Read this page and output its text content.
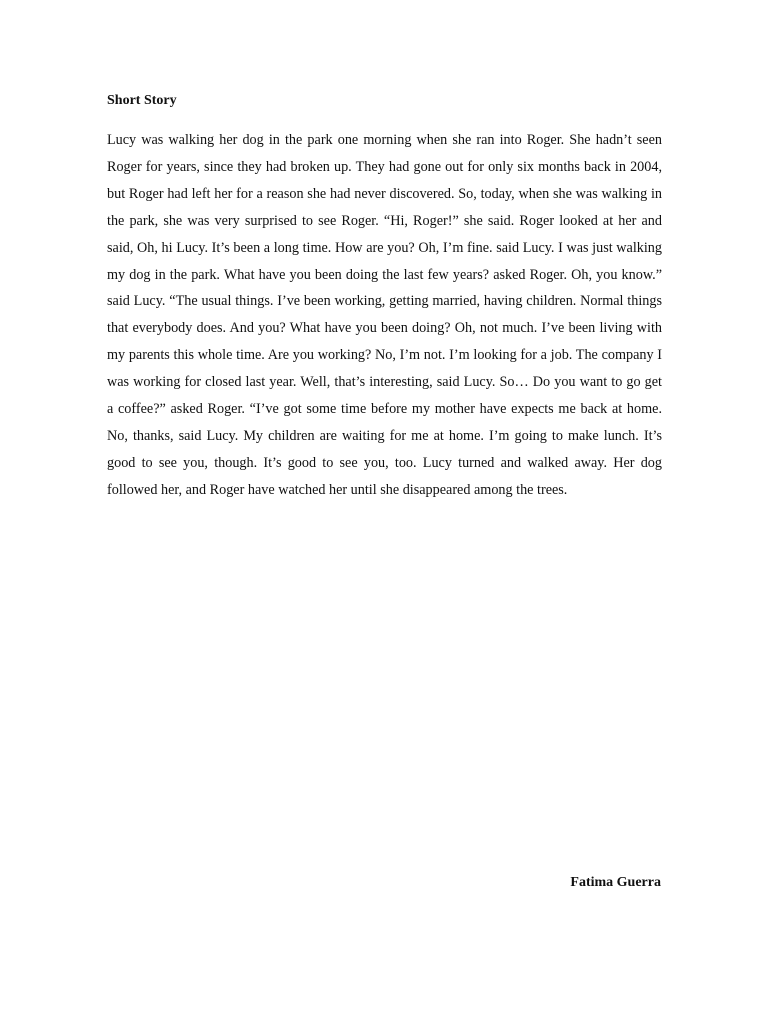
Short Story

Lucy was walking her dog in the park one morning when she ran into Roger. She hadn’t seen Roger for years, since they had broken up. They had gone out for only six months back in 2004, but Roger had left her for a reason she had never discovered. So, today, when she was walking in the park, she was very surprised to see Roger. “Hi, Roger!” she said. Roger looked at her and said, Oh, hi Lucy. It’s been a long time. How are you? Oh, I’m fine. said Lucy. I was just walking my dog in the park. What have you been doing the last few years? asked Roger. Oh, you know.” said Lucy. “The usual things. I’ve been working, getting married, having children. Normal things that everybody does. And you? What have you been doing? Oh, not much. I’ve been living with my parents this whole time. Are you working? No, I’m not. I’m looking for a job. The company I was working for closed last year. Well, that’s interesting, said Lucy. So… Do you want to go get a coffee?” asked Roger. “I’ve got some time before my mother have expects me back at home. No, thanks, said Lucy. My children are waiting for me at home. I’m going to make lunch. It’s good to see you, though. It’s good to see you, too. Lucy turned and walked away. Her dog followed her, and Roger have watched her until she disappeared among the trees.

Fatima Guerra
